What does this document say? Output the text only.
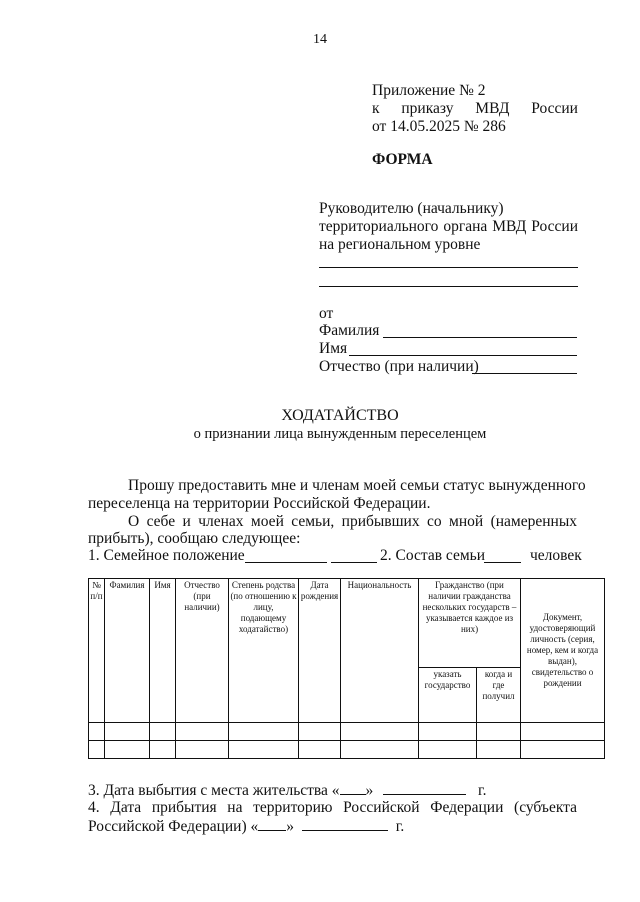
14
Приложение № 2
к приказу МВД России
от 14.05.2025 № 286
ФОРМА
Руководителю (начальнику)
территориального органа МВД России
на региональном уровне
от
Фамилия
Имя
Отчество (при наличии)
ХОДАТАЙСТВО
о признании лица вынужденным переселенцем
Прошу предоставить мне и членам моей семьи статус вынужденного
переселенца на территории Российской Федерации.
О себе и членах моей семьи, прибывших со мной (намеренных
прибыть), сообщаю следующее:
1. Семейное положение	2. Состав семьи	человек
№ п/п	Фамилия	Имя	Отчество (при наличии)	Степень родства (по отношению к лицу, подающему ходатайство)	Дата рождения	Национальность	Гражданство (при наличии гражданства нескольких государств – указывается каждое из них)		Документ, удостоверяющий личность (серия, номер, кем и когда выдан), свидетельство о рождении
							указать государство	когда и где получил	

3. Дата выбытия с места жительства « »	г.
4. Дата прибытия на территорию Российской Федерации (субъекта
Российской Федерации) « »	г.
